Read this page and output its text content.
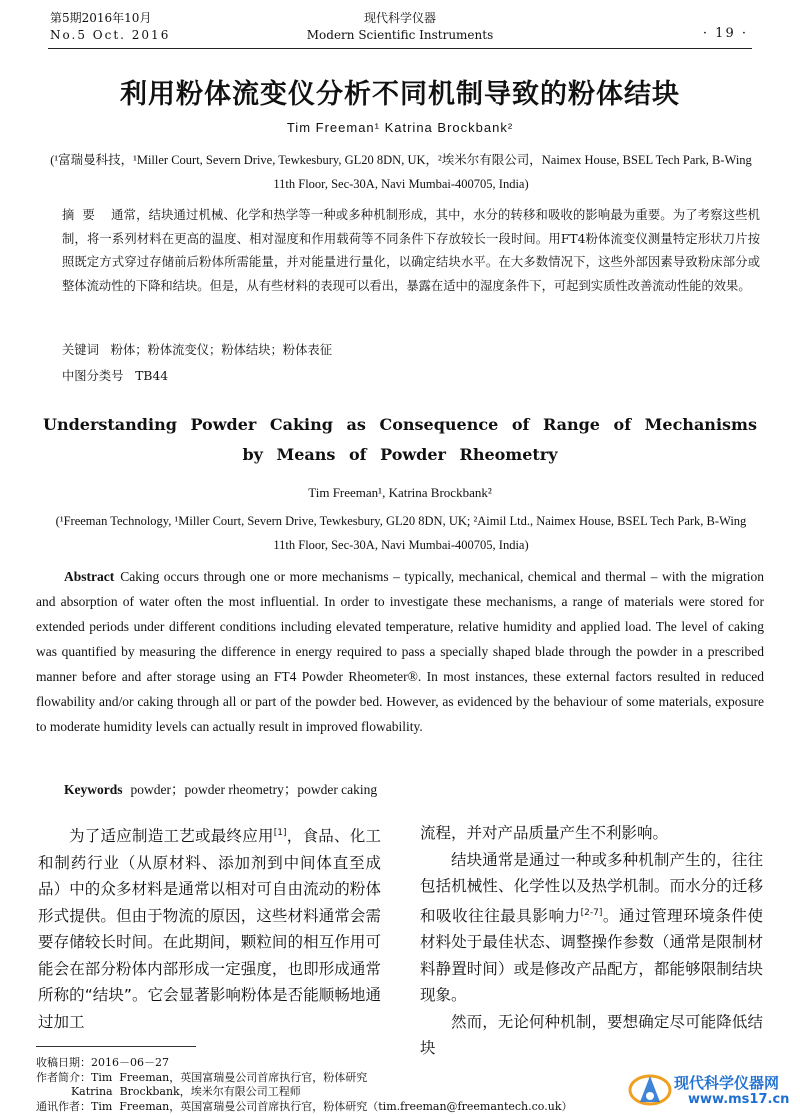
第5期2016年10月
No.5 Oct. 2016
现代科学仪器
Modern Scientific Instruments	· 19 ·
利用粉体流变仪分析不同机制导致的粉体结块
Tim Freeman¹ Katrina Brockbank²
(¹富瑞曼科技，¹Miller Court, Severn Drive, Tewkesbury, GL20 8DN, UK，²埃米尔有限公司，Naimex House, BSEL Tech Park, B-Wing
11th Floor, Sec-30A, Navi Mumbai-400705, India)
摘要 通常，结块通过机械、化学和热学等一种或多种机制形成，其中，水分的转移和吸收的影响最为重要。为了考察这些机制，将一系列材料在更高的温度、相对湿度和作用载荷等不同条件下存放较长一段时间。用FT4粉体流变仪测量特定形状刀片按照既定方式穿过存储前后粉体所需能量，并对能量进行量化，以确定结块水平。在大多数情况下，这些外部因素导致粉床部分或整体流动性的下降和结块。但是，从有些材料的表现可以看出，暴露在适中的湿度条件下，可起到实质性改善流动性能的效果。
关键词 粉体；粉体流变仪；粉体结块；粉体表征
中图分类号 TB44
Understanding Powder Caking as Consequence of Range of Mechanisms by Means of Powder Rheometry
Tim Freeman¹, Katrina Brockbank²
(¹Freeman Technology, ¹Miller Court, Severn Drive, Tewkesbury, GL20 8DN, UK; ²Aimil Ltd., Naimex House, BSEL Tech Park, B-Wing
11th Floor, Sec-30A, Navi Mumbai-400705, India)
Abstract Caking occurs through one or more mechanisms – typically, mechanical, chemical and thermal – with the migration and absorption of water often the most influential. In order to investigate these mechanisms, a range of materials were stored for extended periods under different conditions including elevated temperature, relative humidity and applied load. The level of caking was quantified by measuring the difference in energy required to pass a specially shaped blade through the powder in a prescribed manner before and after storage using an FT4 Powder Rheometer®. In most instances, these external factors resulted in reduced flowability and/or caking through all or part of the powder bed. However, as evidenced by the behaviour of some materials, exposure to moderate humidity levels can actually result in improved flowability.
Keywords powder；powder rheometry；powder caking

为了适应制造工艺或最终应用[1]，食品、化工和制药行业（从原材料、添加剂到中间体直至成品）中的众多材料是通常以相对可自由流动的粉体形式提供。但由于物流的原因，这些材料通常会需要存储较长时间。在此期间，颗粒间的相互作用可能会在部分粉体内部形成一定强度，也即形成通常所称的“结块”。它会显著影响粉体是否能顺畅地通过加工

流程，并对产品质量产生不利影响。

结块通常是通过一种或多种机制产生的，往往包括机械性、化学性以及热学机制。而水分的迁移和吸收往往最具影响力[2-7]。通过管理环境条件使材料处于最佳状态、调整操作参数（通常是限制材料静置时间）或是修改产品配方，都能够限制结块现象。

然而，无论何种机制，要想确定尽可能降低结块

收稿日期：2016－06－27
作者简介：Tim  Freeman，英国富瑞曼公司首席执行官，粉体研究
Katrina  Brockbank，埃米尔有限公司工程师
通讯作者：Tim  Freeman，英国富瑞曼公司首席执行官，粉体研究（tim.freeman@freemantech.co.uk）
现代科学仪器网
www.ms17.cn
